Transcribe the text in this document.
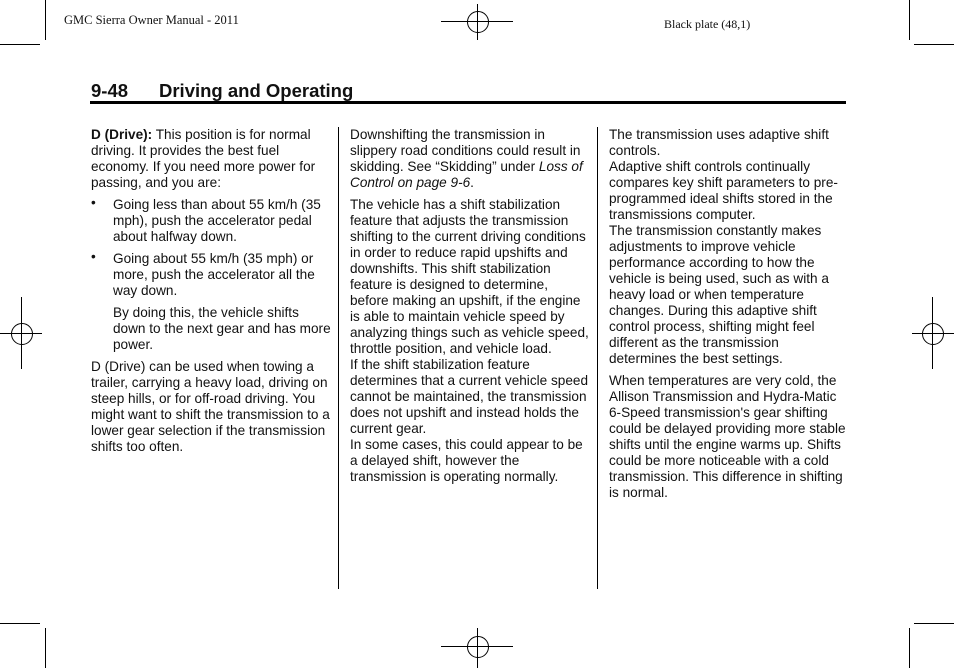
GMC Sierra Owner Manual - 2011	Black plate (48,1)
9-48 Driving and Operating

D (Drive): This position is for normal driving. It provides the best fuel economy. If you need more power for passing, and you are:

• Going less than about 55 km/h (35 mph), push the accelerator pedal about halfway down.
• Going about 55 km/h (35 mph) or more, push the accelerator all the way down.

By doing this, the vehicle shifts down to the next gear and has more power.

D (Drive) can be used when towing a trailer, carrying a heavy load, driving on steep hills, or for off-road driving. You might want to shift the transmission to a lower gear selection if the transmission shifts too often.

Downshifting the transmission in slippery road conditions could result in skidding. See “Skidding” under Loss of Control on page 9-6.

The vehicle has a shift stabilization feature that adjusts the transmission shifting to the current driving conditions in order to reduce rapid upshifts and downshifts. This shift stabilization feature is designed to determine, before making an upshift, if the engine is able to maintain vehicle speed by analyzing things such as vehicle speed, throttle position, and vehicle load.

If the shift stabilization feature determines that a current vehicle speed cannot be maintained, the transmission does not upshift and instead holds the current gear.

In some cases, this could appear to be a delayed shift, however the transmission is operating normally.

The transmission uses adaptive shift controls.

Adaptive shift controls continually compares key shift parameters to pre-programmed ideal shifts stored in the transmissions computer.

The transmission constantly makes adjustments to improve vehicle performance according to how the vehicle is being used, such as with a heavy load or when temperature changes. During this adaptive shift control process, shifting might feel different as the transmission determines the best settings.

When temperatures are very cold, the Allison Transmission and Hydra-Matic 6-Speed transmission's gear shifting could be delayed providing more stable shifts until the engine warms up. Shifts could be more noticeable with a cold transmission. This difference in shifting is normal.
